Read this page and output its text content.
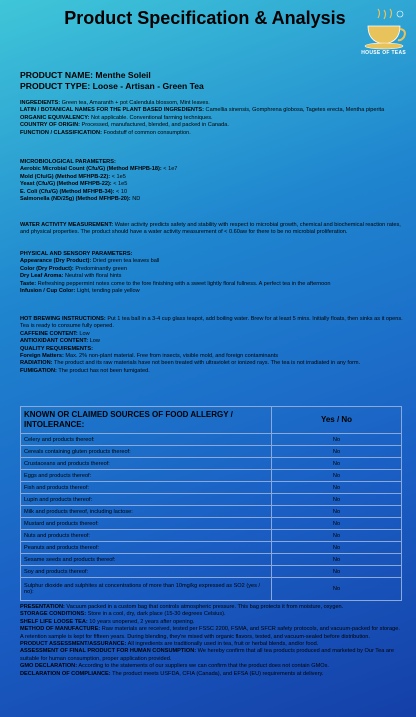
Product Specification & Analysis
HOUSE OF TEAS
PRODUCT NAME: Menthe Soleil
PRODUCT TYPE: Loose - Artisan - Green Tea

INGREDIENTS: Green tea, Amaranth + pot Calendula blossom, Mint leaves.

LATIN / BOTANICAL NAMES FOR THE PLANT BASED INGREDIENTS: Camellia sinensis, Gomphrena globosa, Tagetes erecta, Mentha piperita

ORGANIC EQUIVALENCY: Not applicable. Conventional farming techniques.

COUNTRY OF ORIGIN: Processed, manufactured, blended, and packed in Canada.

FUNCTION / CLASSIFICATION: Foodstuff of common consumption.

MICROBIOLOGICAL PARAMETERS:

Aerobic Microbial Count (Cfu/G) (Method MFHPB-18): < 1e7

Mold (Cfu/G) (Method MFHPB-22): < 1e5

Yeast (Cfu/G) (Method MFHPB-22): < 1e5

E. Coli (Cfu/G) (Method MFHPB-34): < 10

Salmonella (ND/25g) (Method MFHPB-20): ND

WATER ACTIVITY MEASUREMENT: Water activity predicts safety and stability with respect to microbial growth, chemical and biochemical reaction rates, and physical properties. The product should have a water activity measurement of < 0.60aw for there to be no microbial proliferation.

PHYSICAL AND SENSORY PARAMETERS:

Appearance (Dry Product): Dried green tea leaves ball

Color (Dry Product): Predominantly green

Dry Leaf Aroma: Neutral with floral hints

Taste: Refreshing peppermint notes come to the fore finishing with a sweet lightly floral fullness. A perfect tea in the afternoon

Infusion / Cup Color: Light, tending pale yellow

HOT BREWING INSTRUCTIONS: Put 1 tea ball in a 3-4 cup glass teapot, add boiling water. Brew for at least 5 mins. Initially floats, then sinks as it opens. Tea is ready to consume fully opened.

CAFFEINE CONTENT: Low

ANTIOXIDANT CONTENT: Low

QUALITY REQUIREMENTS:

Foreign Matters: Max. 2% non-plant material. Free from insects, visible mold, and foreign contaminants

RADIATION: The product and its raw materials have not been treated with ultraviolet or ionized rays. The tea is not irradiated in any form.

FUMIGATION: The product has not been fumigated.

KNOWN OR CLAIMED SOURCES OF FOOD ALLERGY / INTOLERANCE:	Yes / No
Celery and products thereof:	No
Cereals containing gluten products thereof:	No
Crustaceans and products thereof:	No
Eggs and products thereof:	No
Fish and products thereof:	No
Lupin and products thereof:	No
Milk and products thereof, including lactose:	No
Mustard and products thereof:	No
Nuts and products thereof:	No
Peanuts and products thereof:	No
Sesame seeds and products thereof:	No
Soy and products thereof:	No
Sulphur dioxide and sulphites at concentrations of more than 10mg/kg expressed as SO2 (yes / no):	No

PRESENTATION: Vacuum packed in a custom bag that controls atmospheric pressure. This bag protects it from moisture, oxygen.

STORAGE CONDITIONS: Store in a cool, dry, dark place (15-30 degrees Celsius).

SHELF LIFE LOOSE TEA: 10 years unopened, 2 years after opening.

METHOD OF MANUFACTURE: Raw materials are received, tested per FSSC 2200, FSMA, and SFCR safety protocols, and vacuum-packed for storage. A retention sample is kept for fifteen years. During blending, they're mixed with organic flavors, tested, and vacuum-sealed before distribution.

PRODUCT ASSESSMENT/ASSURANCE: All ingredients are traditionally used in tea, fruit or herbal blends, and/or food.

ASSESSMENT OF FINAL PRODUCT FOR HUMAN CONSUMPTION: We hereby confirm that all tea products produced and marketed by Our Tea are suitable for human consumption, proper application provided.

GMO DECLARATION: According to the statements of our suppliers we can confirm that the product does not contain GMOs.

DECLARATION OF COMPLIANCE: The product meets USFDA, CFIA (Canada), and EFSA (EU) requirements at delivery.
